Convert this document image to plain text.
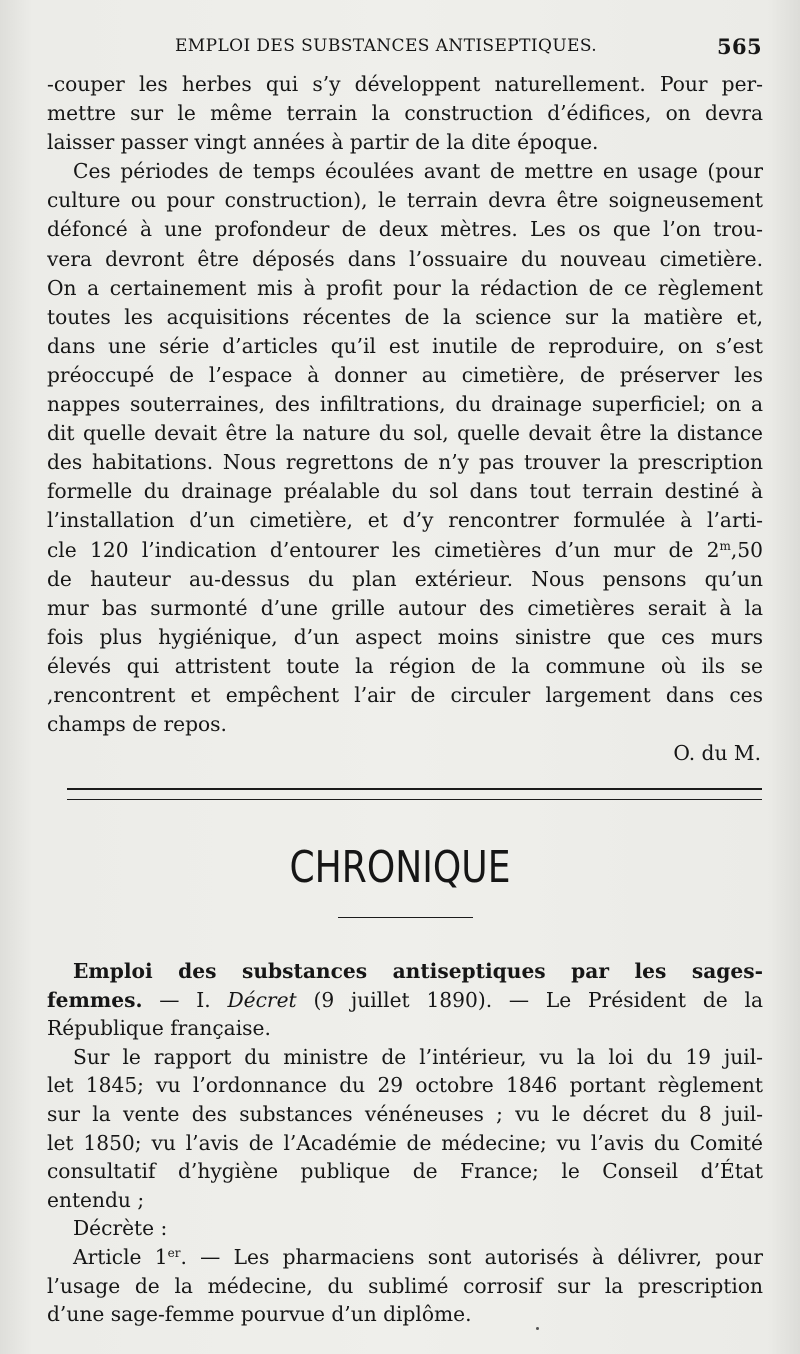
EMPLOI DES SUBSTANCES ANTISEPTIQUES.	565
-couper les herbes qui s’y développent naturellement. Pour per-
mettre sur le même terrain la construction d’édifices, on devra
laisser passer vingt années à partir de la dite époque.
Ces périodes de temps écoulées avant de mettre en usage (pour
culture ou pour construction), le terrain devra être soigneusement
défoncé à une profondeur de deux mètres. Les os que l’on trou-
vera devront être déposés dans l’ossuaire du nouveau cimetière.
On a certainement mis à profit pour la rédaction de ce règlement
toutes les acquisitions récentes de la science sur la matière et,
dans une série d’articles qu’il est inutile de reproduire, on s’est
préoccupé de l’espace à donner au cimetière, de préserver les
nappes souterraines, des infiltrations, du drainage superficiel; on a
dit quelle devait être la nature du sol, quelle devait être la distance
des habitations. Nous regrettons de n’y pas trouver la prescription
formelle du drainage préalable du sol dans tout terrain destiné à
l’installation d’un cimetière, et d’y rencontrer formulée à l’arti-
cle 120 l’indication d’entourer les cimetières d’un mur de 2$^m$,50
de hauteur au-dessus du plan extérieur. Nous pensons qu’un
mur bas surmonté d’une grille autour des cimetières serait à la
fois plus hygiénique, d’un aspect moins sinistre que ces murs
élevés qui attristent toute la région de la commune où ils se
,rencontrent et empêchent l’air de circuler largement dans ces
champs de repos.
O. du M.
CHRONIQUE
Emploi des substances antiseptiques par les sages-
femmes. — I. Décret (9 juillet 1890). — Le Président de la
République française.
Sur le rapport du ministre de l’intérieur, vu la loi du 19 juil-
let 1845; vu l’ordonnance du 29 octobre 1846 portant règlement
sur la vente des substances vénéneuses ; vu le décret du 8 juil-
let 1850; vu l’avis de l’Académie de médecine; vu l’avis du Comité
consultatif d’hygiène publique de France; le Conseil d’État
entendu ;
Décrète :
Article 1er. — Les pharmaciens sont autorisés à délivrer, pour
l’usage de la médecine, du sublimé corrosif sur la prescription
d’une sage-femme pourvue d’un diplôme.
